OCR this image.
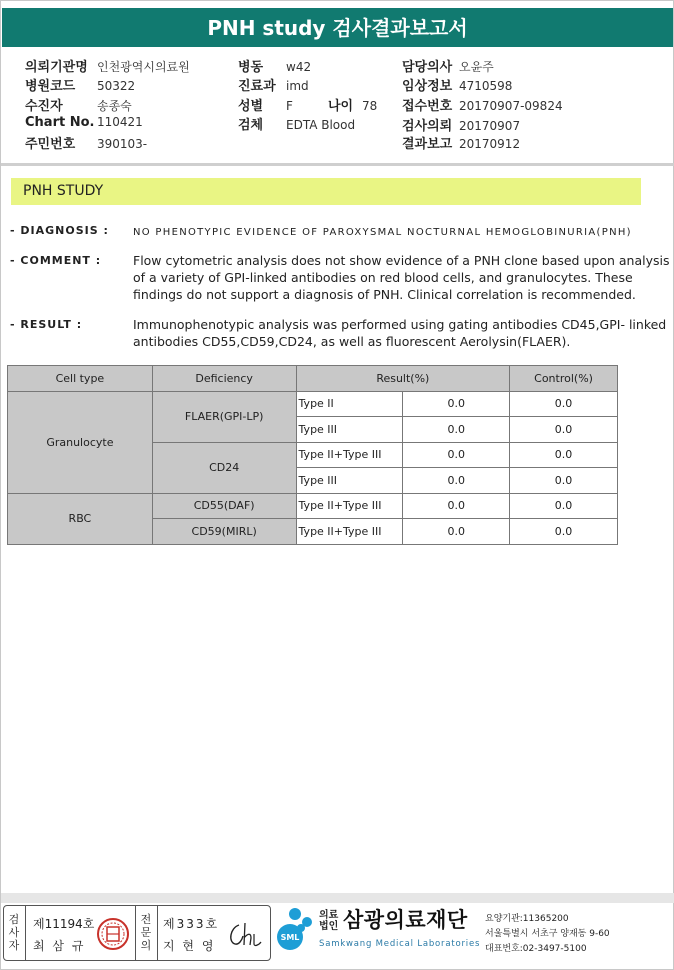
PNH study 검사결과보고서
의뢰기관명 인천광역시의료원
병원코드 50322
수진자	송종숙
Chart No. 110421
주민번호 390103-
병동 w42
진료과 imd
성별 F	나이 78
검체 EDTA Blood
담당의사 오윤주
임상정보 4710598
접수번호 20170907-09824
검사의뢰 20170907
결과보고 20170912
PNH STUDY
- DIAGNOSIS : NO PHENOTYPIC EVIDENCE OF PAROXYSMAL NOCTURNAL HEMOGLOBINURIA(PNH)
- COMMENT :	Flow cytometric analysis does not show evidence of a PNH clone based upon analysis of a variety of GPI-linked antibodies on red blood cells, and granulocytes. These findings do not support a diagnosis of PNH. Clinical correlation is recommended.
- RESULT :	Immunophenotypic analysis was performed using gating antibodies CD45,GPI- linked antibodies CD55,CD59,CD24, as well as fluorescent Aerolysin(FLAER).
Cell type	Deficiency	Result(%)		Control(%)
Granulocyte	FLAER(GPI-LP)	Type II	0.0	0.0
		Type III	0.0	0.0
	CD24	Type II+Type III	0.0	0.0
		Type III	0.0	0.0
RBC	CD55(DAF)	Type II+Type III	0.0	0.0
	CD59(MIRL)	Type II+Type III	0.0	0.0
검사자
제11194호
최 삼 규
전문의
제333호
지 현 영
SML
의료
법인 삼광의료재단
Samkwang Medical Laboratories
요양기관:11365200
서울특별시 서초구 양재동 9-60
대표번호:02-3497-5100
